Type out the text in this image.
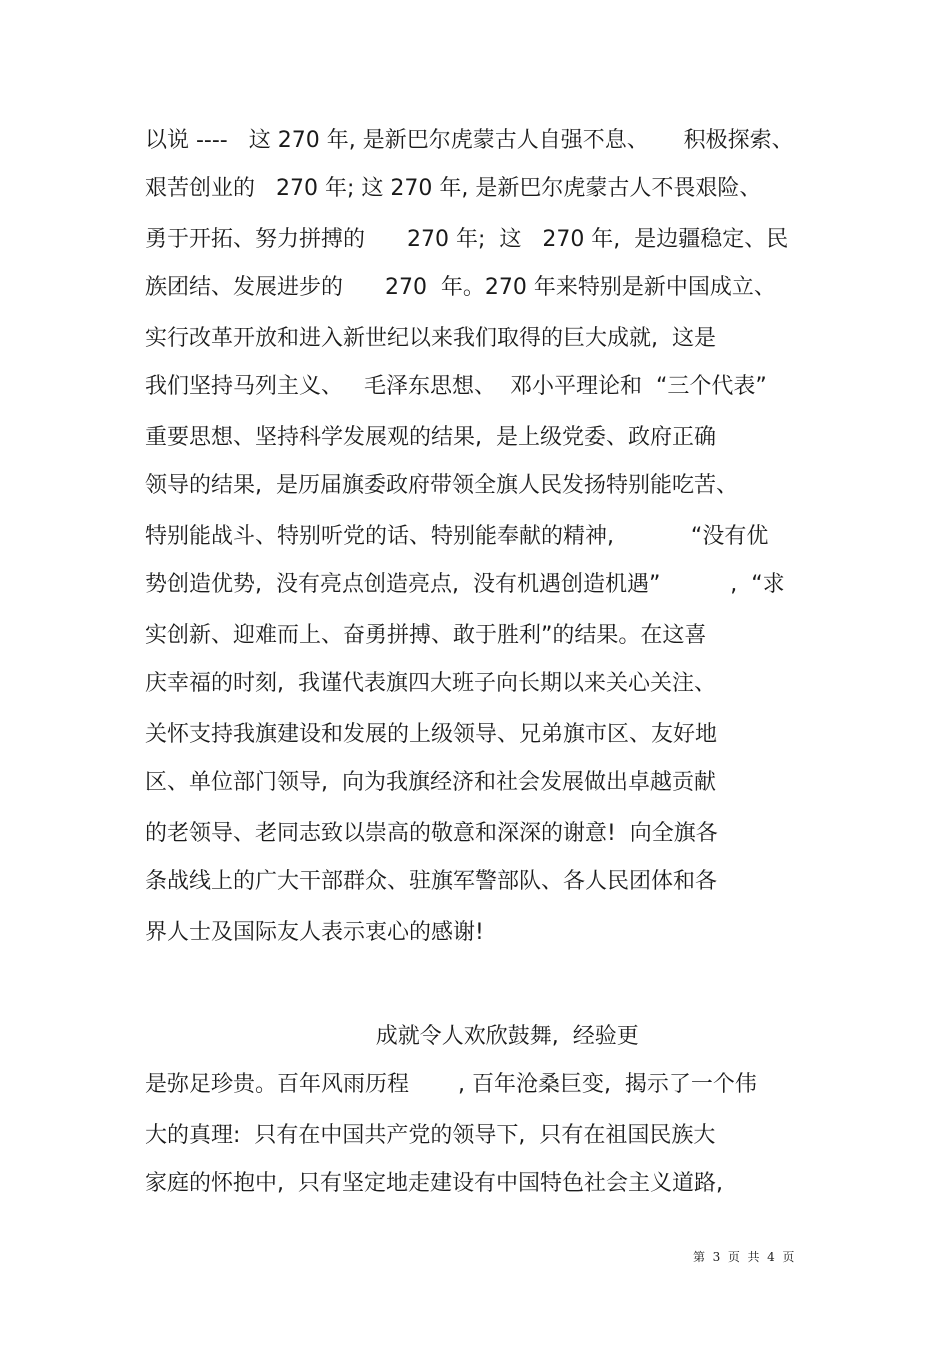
以说 ----   这 270 年, 是新巴尔虎蒙古人自强不息、     积极探索、
艰苦创业的   270 年; 这 270 年, 是新巴尔虎蒙古人不畏艰险、
勇于开拓、努力拼搏的      270 年;  这   270 年,  是边疆稳定、民
族团结、发展进步的      270  年。270 年来特别是新中国成立、
实行改革开放和进入新世纪以来我们取得的巨大成就,  这是
我们坚持马列主义、   毛泽东思想、  邓小平理论和  “三个代表”
重要思想、坚持科学发展观的结果,  是上级党委、政府正确
领导的结果,  是历届旗委政府带领全旗人民发扬特别能吃苦、
特别能战斗、特别听党的话、特别能奉献的精神,           “没有优
势创造优势,  没有亮点创造亮点,  没有机遇创造机遇”          ,  “求
实创新、迎难而上、奋勇拼搏、敢于胜利”的结果。在这喜
庆幸福的时刻,  我谨代表旗四大班子向长期以来关心关注、
关怀支持我旗建设和发展的上级领导、兄弟旗市区、友好地
区、单位部门领导,  向为我旗经济和社会发展做出卓越贡献
的老领导、老同志致以崇高的敬意和深深的谢意!  向全旗各
条战线上的广大干部群众、驻旗军警部队、各人民团体和各
界人士及国际友人表示衷心的感谢!
成就令人欢欣鼓舞,  经验更
是弥足珍贵。百年风雨历程       , 百年沧桑巨变,  揭示了一个伟
大的真理:  只有在中国共产党的领导下,  只有在祖国民族大
家庭的怀抱中,  只有坚定地走建设有中国特色社会主义道路,
第  3  页  共  4  页
